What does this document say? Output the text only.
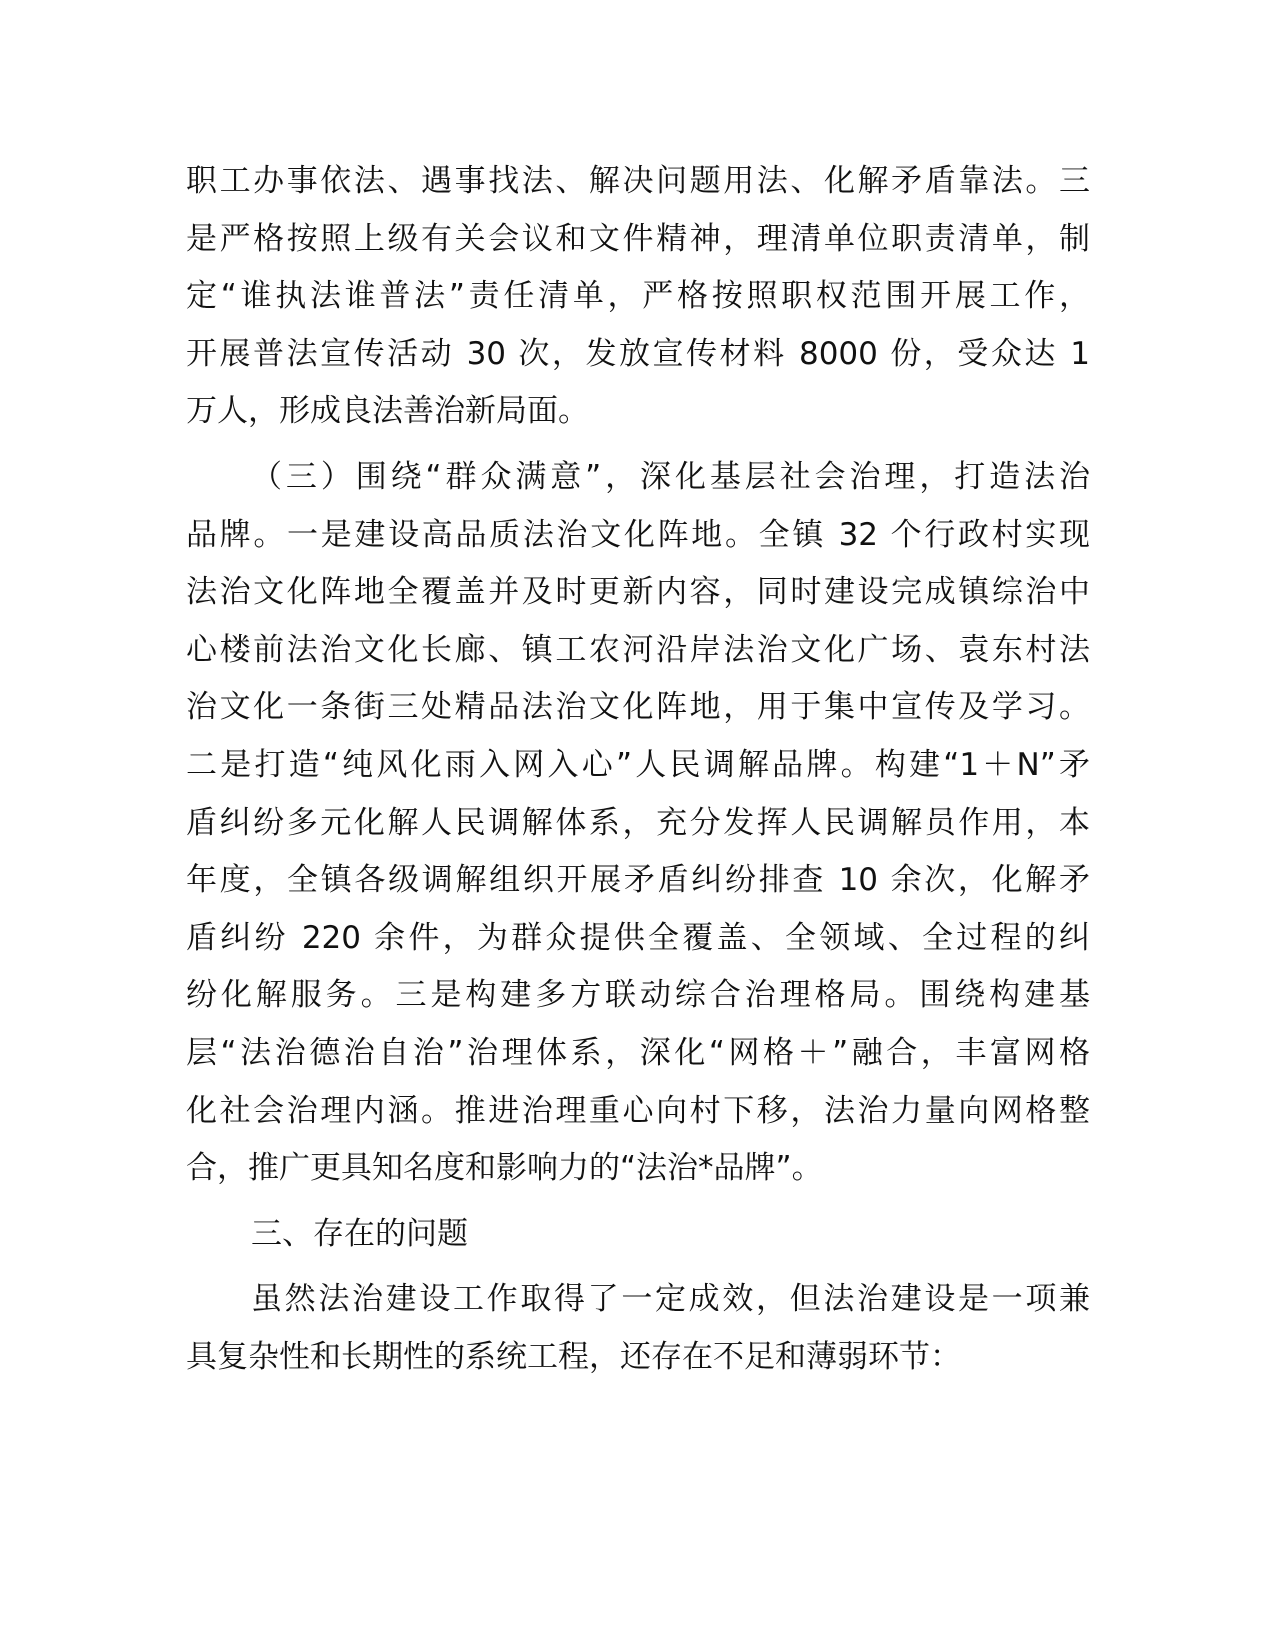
职工办事依法、遇事找法、解决问题用法、化解矛盾靠法。三
是严格按照上级有关会议和文件精神，理清单位职责清单，制
定“谁执法谁普法”责任清单，严格按照职权范围开展工作，
开展普法宣传活动 30 次，发放宣传材料 8000 份，受众达 1
万人，形成良法善治新局面。
（三）围绕“群众满意”，深化基层社会治理，打造法治
品牌。一是建设高品质法治文化阵地。全镇 32 个行政村实现
法治文化阵地全覆盖并及时更新内容，同时建设完成镇综治中
心楼前法治文化长廊、镇工农河沿岸法治文化广场、袁东村法
治文化一条街三处精品法治文化阵地，用于集中宣传及学习。
二是打造“纯风化雨入网入心”人民调解品牌。构建“1＋N”矛
盾纠纷多元化解人民调解体系，充分发挥人民调解员作用，本
年度，全镇各级调解组织开展矛盾纠纷排查 10 余次，化解矛
盾纠纷 220 余件，为群众提供全覆盖、全领域、全过程的纠
纷化解服务。三是构建多方联动综合治理格局。围绕构建基
层“法治德治自治”治理体系，深化“网格＋”融合，丰富网格
化社会治理内涵。推进治理重心向村下移，法治力量向网格整
合，推广更具知名度和影响力的“法治*品牌”。
三、存在的问题
虽然法治建设工作取得了一定成效，但法治建设是一项兼
具复杂性和长期性的系统工程，还存在不足和薄弱环节：
